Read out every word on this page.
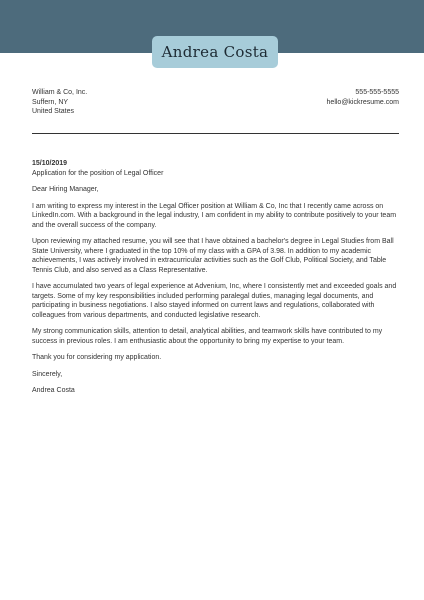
Andrea Costa
William & Co, Inc.
Suffern, NY
United States
555-555-5555
hello@kickresume.com
15/10/2019
Application for the position of Legal Officer
Dear Hiring Manager,

I am writing to express my interest in the Legal Officer position at William & Co, Inc that I recently came across on LinkedIn.com. With a background in the legal industry, I am confident in my ability to contribute positively to your team and the overall success of the company.

Upon reviewing my attached resume, you will see that I have obtained a bachelor's degree in Legal Studies from Ball State University, where I graduated in the top 10% of my class with a GPA of 3.98. In addition to my academic achievements, I was actively involved in extracurricular activities such as the Golf Club, Political Society, and Table Tennis Club, and also served as a Class Representative.

I have accumulated two years of legal experience at Advenium, Inc, where I consistently met and exceeded goals and targets. Some of my key responsibilities included performing paralegal duties, managing legal documents, and participating in business negotiations. I also stayed informed on current laws and regulations, collaborated with colleagues from various departments, and conducted legislative research.

My strong communication skills, attention to detail, analytical abilities, and teamwork skills have contributed to my success in previous roles. I am enthusiastic about the opportunity to bring my expertise to your team.

Thank you for considering my application.

Sincerely,
Andrea Costa
